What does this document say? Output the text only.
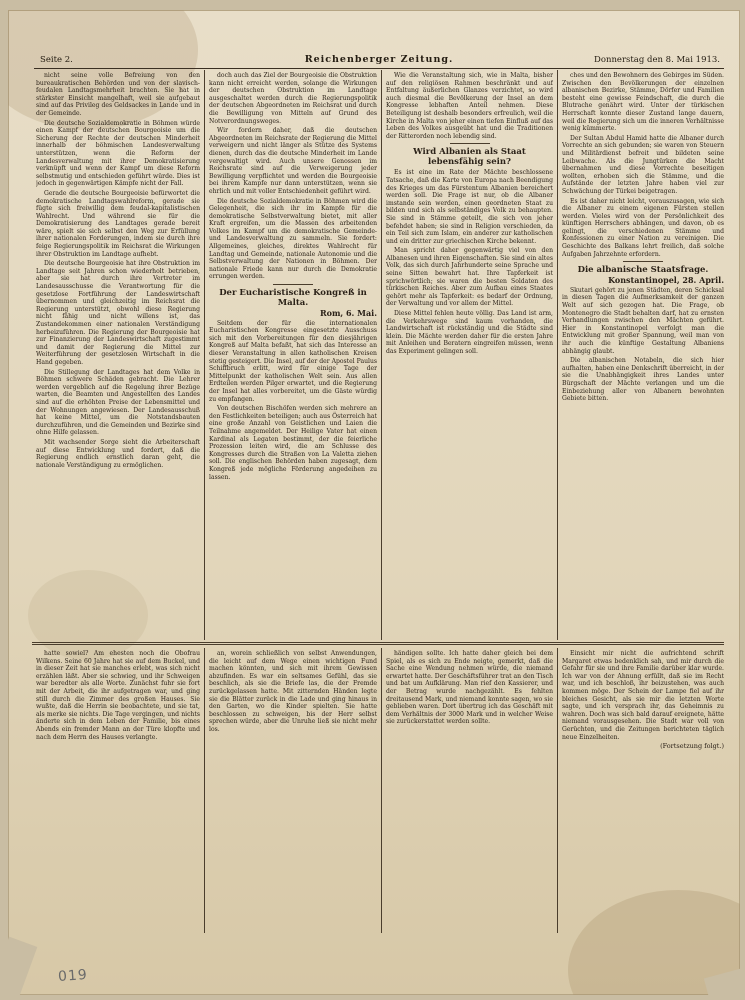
Seite 2.	Reichenberger Zeitung.	Donnerstag den 8. Mai 1913.

nicht seine volle Befreiung von den bureaukratischen Behörden und von der slavisch-feudalen Landtagsmehrheit brachten. Sie hat in stärkster Einsicht mangelhaft, weil sie aufgebaut sind auf das Privileg des Geldsackes in Lande und in der Gemeinde.

Die deutsche Sozialdemokratie in Böhmen würde einen Kampf der deutschen Bourgeoisie um die Sicherung der Rechte der deutschen Minderheit innerhalb der böhmischen Landesverwaltung unterstützen, wenn die Reform der Landesverwaltung mit ihrer Demokratisierung verknüpft und wenn der Kampf um diese Reform selbstmutig und entschieden geführt würde. Dies ist jedoch in gegenwärtigen Kämpfe nicht der Fall.

Gerade die deutsche Bourgeoisie befürwortet die demokratische Landtagswahlreform, gerade sie fügte sich freiwillig dem feudal-kapitalistischen Wahlrecht. Und während sie für die Demokratisierung des Landtages gerade bereit wäre, spielt sie sich selbst den Weg zur Erfüllung ihrer nationalen Forderungen, indem sie durch ihre feige Regierungspolitik im Reichsrat die Wirkungen ihrer Obstruktion im Landtage aufhebt.

Die deutsche Bourgeoisie hat ihre Obstruktion im Landtage seit Jahren schon wiederholt betrieben, aber sie hat durch ihre Vertreter im Landesausschusse die Verantwortung für die gesetzlose Fortführung der Landeswirtschaft übernommen und gleichzeitig im Reichsrat die Regierung unterstützt, obwohl diese Regierung nicht fähig und nicht willens ist, das Zustandekommen einer nationalen Verständigung herbeizuführen. Die Regierung der Bourgeoisie hat zur Finanzierung der Landeswirtschaft zugestimmt und damit der Regierung die Mittel zur Weiterführung der gesetzlosen Wirtschaft in die Hand gegeben.

Die Stillegung der Landtages hat dem Volke in Böhmen schwere Schäden gebracht. Die Lehrer werden vergeblich auf die Regelung ihrer Bezüge warten, die Beamten und Angestellten des Landes sind auf die erhöhten Preise der Lebensmittel und der Wohnungen angewiesen. Der Landesausschuß hat keine Mittel, um die Notstandsbauten durchzuführen, und die Gemeinden und Bezirke sind ohne Hilfe gelassen.

Mit wachsender Sorge sieht die Arbeiterschaft auf diese Entwicklung und fordert, daß die Regierung endlich ernstlich daran geht, die nationale Verständigung zu ermöglichen.

doch auch das Ziel der Bourgeoisie die Obstruktion kann nicht erreicht werden, solange die Wirkungen der deutschen Obstruktion im Landtage ausgeschaltet werden durch die Regierungspolitik der deutschen Abgeordneten im Reichsrat und durch die Bewilligung von Mitteln auf Grund des Notverordnungsweges.

Wir fordern daher, daß die deutschen Abgeordneten im Reichsrate der Regierung die Mittel verweigern und nicht länger als Stütze des Systems dienen, durch das die deutsche Minderheit im Lande vergewaltigt wird. Auch unsere Genossen im Reichsrate sind auf die Verweigerung jeder Bewilligung verpflichtet und werden die Bourgeoisie bei ihrem Kampfe nur dann unterstützen, wenn sie ehrlich und mit voller Entschiedenheit geführt wird.

Die deutsche Sozialdemokratie in Böhmen wird die Gelegenheit, die sich ihr im Kampfe für die demokratische Selbstverwaltung bietet, mit aller Kraft ergreifen, um die Massen des arbeitenden Volkes im Kampf um die demokratische Gemeinde- und Landesverwaltung zu sammeln. Sie fordert: Allgemeines, gleiches, direktes Wahlrecht für Landtag und Gemeinde, nationale Autonomie und die Selbstverwaltung der Nationen in Böhmen. Der nationale Friede kann nur durch die Demokratie errungen werden.

Der Eucharistische Kongreß in Malta.

Rom, 6. Mai.

Seitdem der für die internationalen Eucharistischen Kongresse eingesetzte Ausschuss sich mit den Vorbereitungen für den diesjährigen Kongreß auf Malta befaßt, hat sich das Interesse an dieser Veranstaltung in allen katholischen Kreisen stetig gesteigert. Die Insel, auf der der Apostel Paulus Schiffbruch erlitt, wird für einige Tage der Mittelpunkt der katholischen Welt sein. Aus allen Erdteilen werden Pilger erwartet, und die Regierung der Insel hat alles vorbereitet, um die Gäste würdig zu empfangen.

Von deutschen Bischöfen werden sich mehrere an den Festlichkeiten beteiligen; auch aus Österreich hat eine große Anzahl von Geistlichen und Laien die Teilnahme angemeldet. Der Heilige Vater hat einen Kardinal als Legaten bestimmt, der die feierliche Prozession leiten wird, die am Schlusse des Kongresses durch die Straßen von La Valetta ziehen soll. Die englischen Behörden haben zugesagt, dem Kongreß jede mögliche Förderung angedeihen zu lassen.

Wie die Veranstaltung sich, wie in Malta, bisher auf den religiösen Rahmen beschränkt und auf Entfaltung äußerlichen Glanzes verzichtet, so wird auch diesmal die Bevölkerung der Insel an dem Kongresse lebhaften Anteil nehmen. Diese Beteiligung ist deshalb besonders erfreulich, weil die Kirche in Malta von jeher einen tiefen Einfluß auf das Leben des Volkes ausgeübt hat und die Traditionen der Ritterorden noch lebendig sind.

Wird Albanien als Staat lebensfähig sein?

Es ist eine im Rate der Mächte beschlossene Tatsache, daß die Karte von Europa nach Beendigung des Krieges um das Fürstentum Albanien bereichert werden soll. Die Frage ist nur, ob die Albaner imstande sein werden, einen geordneten Staat zu bilden und sich als selbständiges Volk zu behaupten. Sie sind in Stämme geteilt, die sich von jeher befehdet haben; sie sind in Religion verschieden, da ein Teil sich zum Islam, ein anderer zur katholischen und ein dritter zur griechischen Kirche bekennt.

Man spricht daher gegenwärtig viel von den Albanesen und ihren Eigenschaften. Sie sind ein altes Volk, das sich durch Jahrhunderte seine Sprache und seine Sitten bewahrt hat. Ihre Tapferkeit ist sprichwörtlich; sie waren die besten Soldaten des türkischen Reiches. Aber zum Aufbau eines Staates gehört mehr als Tapferkeit: es bedarf der Ordnung, der Verwaltung und vor allem der Mittel.

Diese Mittel fehlen heute völlig. Das Land ist arm, die Verkehrswege sind kaum vorhanden, die Landwirtschaft ist rückständig und die Städte sind klein. Die Mächte werden daher für die ersten Jahre mit Anleihen und Beratern eingreifen müssen, wenn das Experiment gelingen soll.

ches und den Bewohnern des Gebirges im Süden. Zwischen den Bevölkerungen der einzelnen albanischen Bezirke, Stämme, Dörfer und Familien besteht eine gewisse Feindschaft, die durch die Blutrache genährt wird. Unter der türkischen Herrschaft konnte dieser Zustand lange dauern, weil die Regierung sich um die inneren Verhältnisse wenig kümmerte.

Der Sultan Abdul Hamid hatte die Albaner durch Vorrechte an sich gebunden; sie waren von Steuern und Militärdienst befreit und bildeten seine Leibwache. Als die Jungtürken die Macht übernahmen und diese Vorrechte beseitigen wollten, erhoben sich die Stämme, und die Aufstände der letzten Jahre haben viel zur Schwächung der Türkei beigetragen.

Es ist daher nicht leicht, vorauszusagen, wie sich die Albaner zu einem eigenen Fürsten stellen werden. Vieles wird von der Persönlichkeit des künftigen Herrschers abhängen, und davon, ob es gelingt, die verschiedenen Stämme und Konfessionen zu einer Nation zu vereinigen. Die Geschichte des Balkans lehrt freilich, daß solche Aufgaben Jahrzehnte erfordern.

Die albanische Staatsfrage.

Konstantinopel, 28. April.

Skutari gehört zu jenen Städten, deren Schicksal in diesen Tagen die Aufmerksamkeit der ganzen Welt auf sich gezogen hat. Die Frage, ob Montenegro die Stadt behalten darf, hat zu ernsten Verhandlungen zwischen den Mächten geführt. Hier in Konstantinopel verfolgt man die Entwicklung mit großer Spannung, weil man von ihr auch die künftige Gestaltung Albaniens abhängig glaubt.

Die albanischen Notabeln, die sich hier aufhalten, haben eine Denkschrift überreicht, in der sie die Unabhängigkeit ihres Landes unter Bürgschaft der Mächte verlangen und um die Einbeziehung aller von Albanern bewohnten Gebiete bitten.

hatte sowiel? Am ehesten noch die Obofrau Wilkens. Seine 60 Jahre hat sie auf dem Buckel, und in dieser Zeit hat sie manches erlebt, was sich nicht erzählen läßt. Aber sie schwieg, und ihr Schweigen war beredter als alle Worte. Zunächst fuhr sie fort mit der Arbeit, die ihr aufgetragen war, und ging still durch die Zimmer des großen Hauses. Sie wußte, daß die Herrin sie beobachtete, und sie tat, als merke sie nichts. Die Tage vergingen, und nichts änderte sich in dem Leben der Familie, bis eines Abends ein fremder Mann an der Türe klopfte und nach dem Herrn des Hauses verlangte.

an, worein schließlich von selbst Anwendungen, die leicht auf dem Wege einen wichtigen Fund machen könnten, und sich mit ihrem Gewissen abzufinden. Es war ein seltsames Gefühl, das sie beschlich, als sie die Briefe las, die der Fremde zurückgelassen hatte. Mit zitternden Händen legte sie die Blätter zurück in die Lade und ging hinaus in den Garten, wo die Kinder spielten. Sie hatte beschlossen zu schweigen, bis der Herr selbst sprechen würde, aber die Unruhe ließ sie nicht mehr los.

händigen sollte. Ich hatte daher gleich bei dem Spiel, als es sich zu Ende neigte, gemerkt, daß die Sache eine Wendung nehmen würde, die niemand erwartet hatte. Der Geschäftsführer trat an den Tisch und bat um Aufklärung. Man rief den Kassierer, und der Betrag wurde nachgezählt. Es fehlten dreitausend Mark, und niemand konnte sagen, wo sie geblieben waren. Dort übertrug ich das Geschäft mit dem Verhältnis der 3000 Mark und in welcher Weise sie zurückerstattet werden sollte.

Einsicht mir nicht die aufrichtend schrift Margaret etwas bedenklich sah, und mir durch die Gefahr für sie und ihre Familie darüber klar wurde. Ich war von der Ahnung erfüllt, daß sie im Recht war, und ich beschloß, ihr beizustehen, was auch kommen möge. Der Schein der Lampe fiel auf ihr bleiches Gesicht, als sie mir die letzten Worte sagte, und ich versprach ihr, das Geheimnis zu wahren. Doch was sich bald darauf ereignete, hätte niemand vorausgesehen. Die Stadt war voll von Gerüchten, und die Zeitungen berichteten täglich neue Einzelheiten.

(Fortsetzung folgt.)

019
